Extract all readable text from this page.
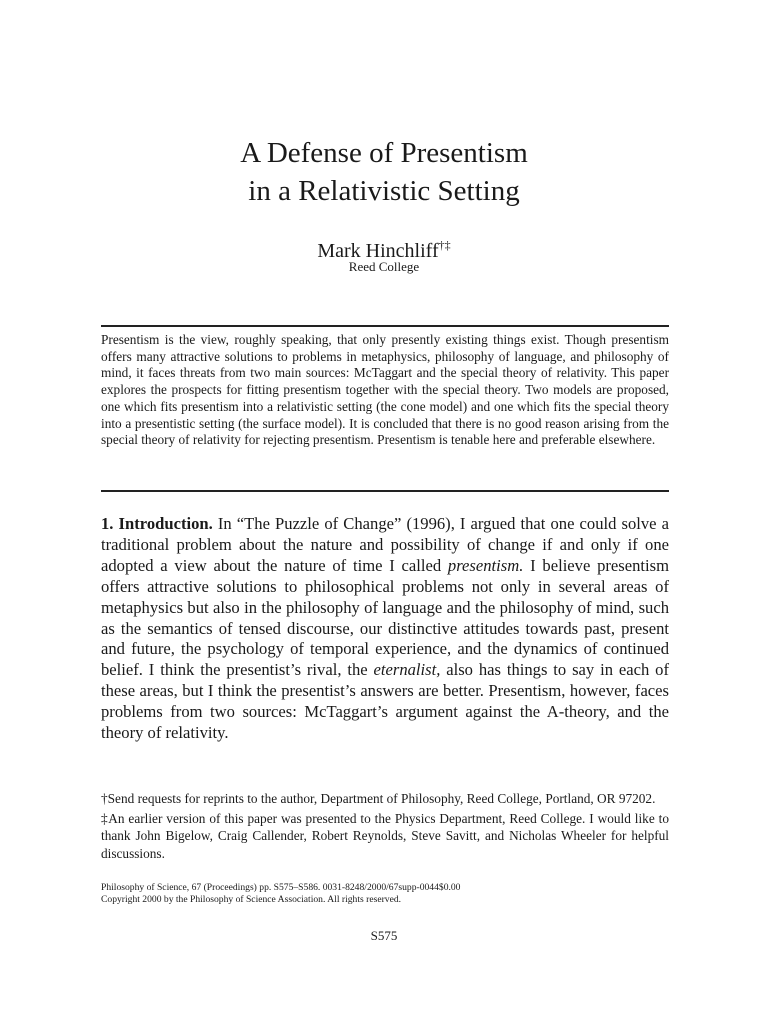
A Defense of Presentism
in a Relativistic Setting
Mark Hinchliff†‡
Reed College
Presentism is the view, roughly speaking, that only presently existing things exist. Though presentism offers many attractive solutions to problems in metaphysics, philosophy of language, and philosophy of mind, it faces threats from two main sources: McTaggart and the special theory of relativity. This paper explores the prospects for fitting presentism together with the special theory. Two models are proposed, one which fits presentism into a relativistic setting (the cone model) and one which fits the special theory into a presentistic setting (the surface model). It is concluded that there is no good reason arising from the special theory of relativity for rejecting presentism. Presentism is tenable here and preferable elsewhere.
1. Introduction. In “The Puzzle of Change” (1996), I argued that one could solve a traditional problem about the nature and possibility of change if and only if one adopted a view about the nature of time I called presentism. I believe presentism offers attractive solutions to philosophical problems not only in several areas of metaphysics but also in the philosophy of language and the philosophy of mind, such as the semantics of tensed discourse, our distinctive attitudes towards past, present and future, the psychology of temporal experience, and the dynamics of continued belief. I think the presentist’s rival, the eternalist, also has things to say in each of these areas, but I think the presentist’s answers are better. Presentism, however, faces problems from two sources: McTaggart’s argument against the A-theory, and the theory of relativity.

†Send requests for reprints to the author, Department of Philosophy, Reed College, Portland, OR 97202.

‡An earlier version of this paper was presented to the Physics Department, Reed College. I would like to thank John Bigelow, Craig Callender, Robert Reynolds, Steve Savitt, and Nicholas Wheeler for helpful discussions.

Philosophy of Science, 67 (Proceedings) pp. S575–S586. 0031-8248/2000/67supp-0044$0.00
Copyright 2000 by the Philosophy of Science Association. All rights reserved.
S575
